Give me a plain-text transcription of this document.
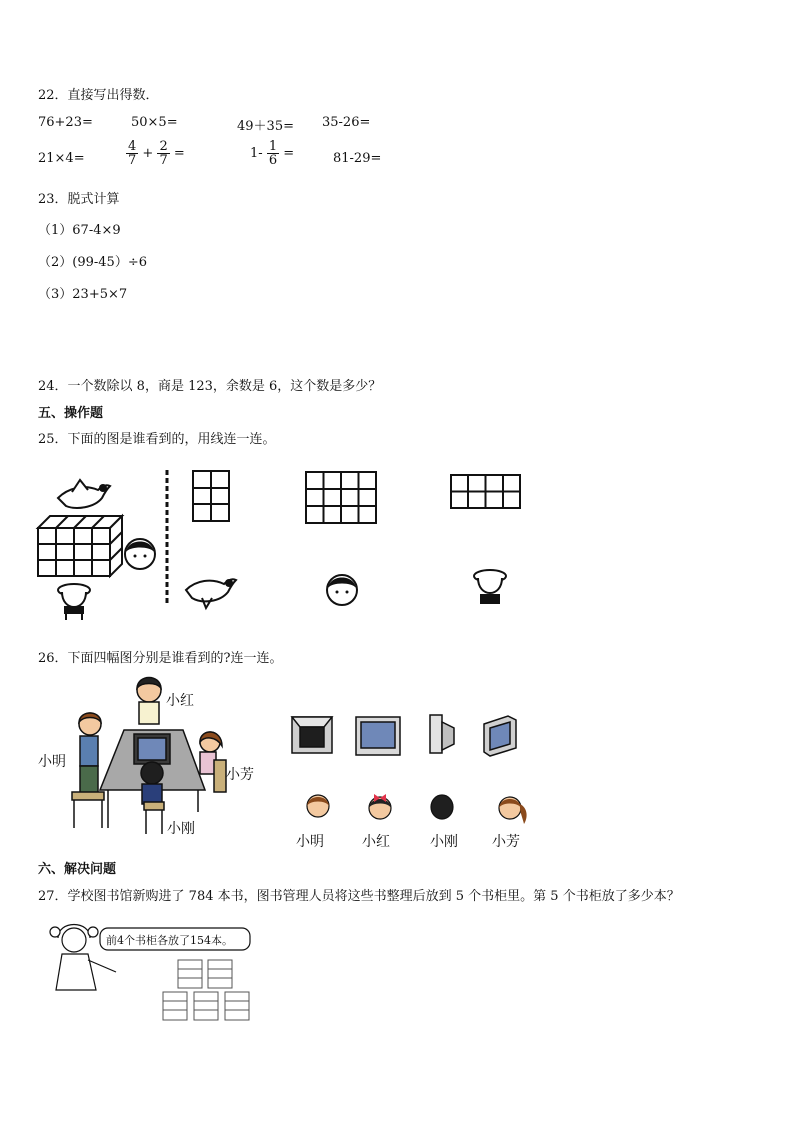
22．直接写出得数．
76+23=	50×5=	49＋35= 35-26=
21×4=	$\frac{4}{7} + \frac{2}{7}$ =	$1- \frac{1}{6}$ =	81-29=
23．脱式计算
（1）67-4×9
（2）(99-45）÷6
（3）23+5×7
24．一个数除以 8，商是 123，余数是 6，这个数是多少？
五、操作题
25．下面的图是谁看到的，用线连一连。
26．下面四幅图分别是谁看到的?连一连。
小红
小明
小芳
小刚
小明	小红	小刚 小芳
六、解决问题
27．学校图书馆新购进了 784 本书，图书管理人员将这些书整理后放到 5 个书柜里。第 5 个书柜放了多少本？
前4个书柜各放了154本。
